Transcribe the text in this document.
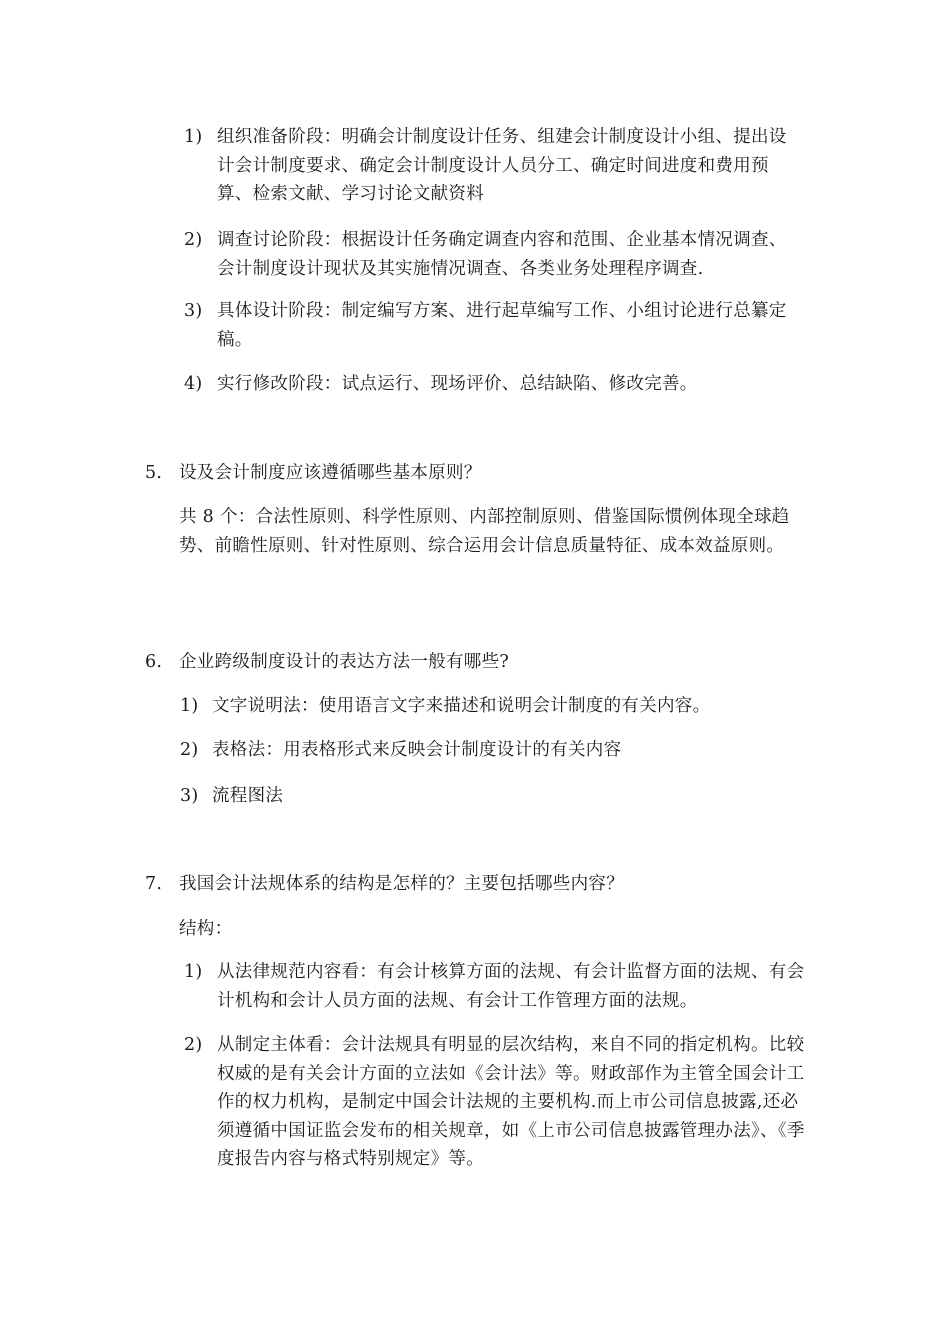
1) 组织准备阶段：明确会计制度设计任务、组建会计制度设计小组、提出设计会计制度要求、确定会计制度设计人员分工、确定时间进度和费用预算、检索文献、学习讨论文献资料
2) 调查讨论阶段：根据设计任务确定调查内容和范围、企业基本情况调查、会计制度设计现状及其实施情况调查、各类业务处理程序调查.
3) 具体设计阶段：制定编写方案、进行起草编写工作、小组讨论进行总纂定稿。
4) 实行修改阶段：试点运行、现场评价、总结缺陷、修改完善。
5. 设及会计制度应该遵循哪些基本原则？
共 8 个：合法性原则、科学性原则、内部控制原则、借鉴国际惯例体现全球趋势、前瞻性原则、针对性原则、综合运用会计信息质量特征、成本效益原则。
6. 企业跨级制度设计的表达方法一般有哪些?
1) 文字说明法：使用语言文字来描述和说明会计制度的有关内容。
2) 表格法：用表格形式来反映会计制度设计的有关内容
3) 流程图法
7. 我国会计法规体系的结构是怎样的？主要包括哪些内容？
结构：
1) 从法律规范内容看：有会计核算方面的法规、有会计监督方面的法规、有会计机构和会计人员方面的法规、有会计工作管理方面的法规。
2) 从制定主体看：会计法规具有明显的层次结构，来自不同的指定机构。比较权威的是有关会计方面的立法如《会计法》等。财政部作为主管全国会计工作的权力机构，是制定中国会计法规的主要机构.而上市公司信息披露,还必须遵循中国证监会发布的相关规章，如《上市公司信息披露管理办法》、《季度报告内容与格式特别规定》等。
